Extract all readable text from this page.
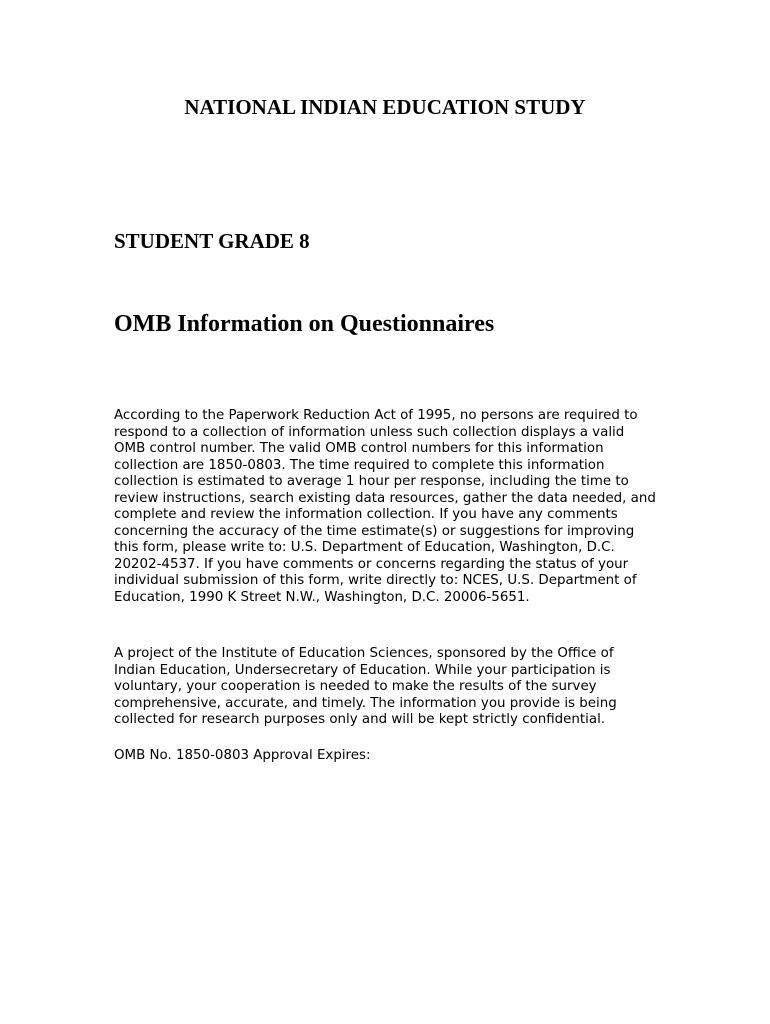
NATIONAL INDIAN EDUCATION STUDY
STUDENT GRADE 8
OMB Information on Questionnaires

According to the Paperwork Reduction Act of 1995, no persons are required to respond to a collection of information unless such collection displays a valid OMB control number. The valid OMB control numbers for this information collection are 1850-0803. The time required to complete this information collection is estimated to average 1 hour per response, including the time to review instructions, search existing data resources, gather the data needed, and complete and review the information collection. If you have any comments concerning the accuracy of the time estimate(s) or suggestions for improving this form, please write to: U.S. Department of Education, Washington, D.C. 20202-4537. If you have comments or concerns regarding the status of your individual submission of this form, write directly to: NCES, U.S. Department of Education, 1990 K Street N.W., Washington, D.C. 20006-5651.

A project of the Institute of Education Sciences, sponsored by the Office of Indian Education, Undersecretary of Education. While your participation is voluntary, your cooperation is needed to make the results of the survey comprehensive, accurate, and timely. The information you provide is being collected for research purposes only and will be kept strictly confidential.

OMB No. 1850-0803 Approval Expires:
